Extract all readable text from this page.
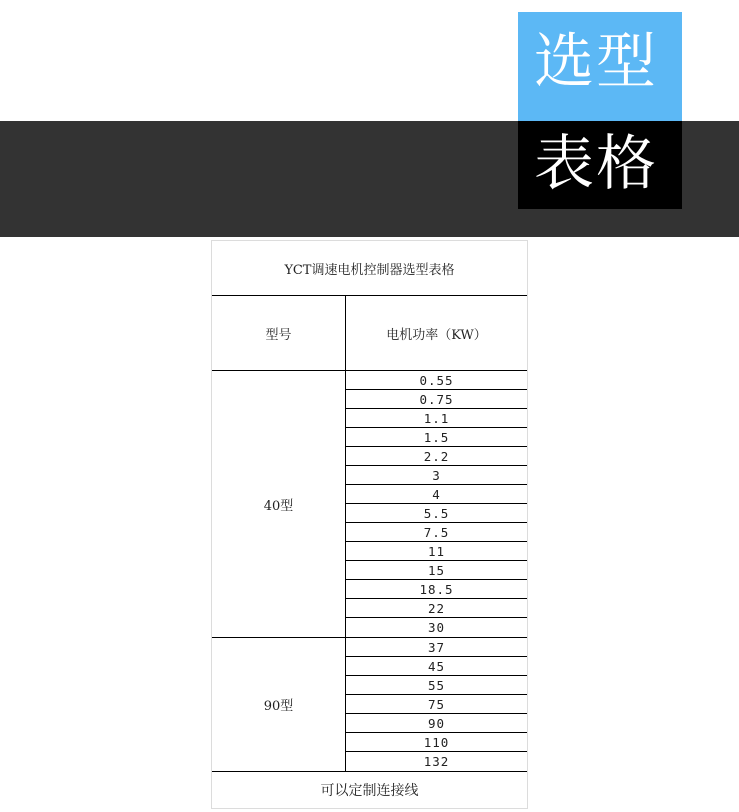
选型
表格
YCT调速电机控制器选型表格
型号	电机功率（KW）
40型
0.55
0.75
1.1
1.5
2.2
3
4
5.5
7.5
11
15
18.5
22
30
90型
37
45
55
75
90
110
132
可以定制连接线
